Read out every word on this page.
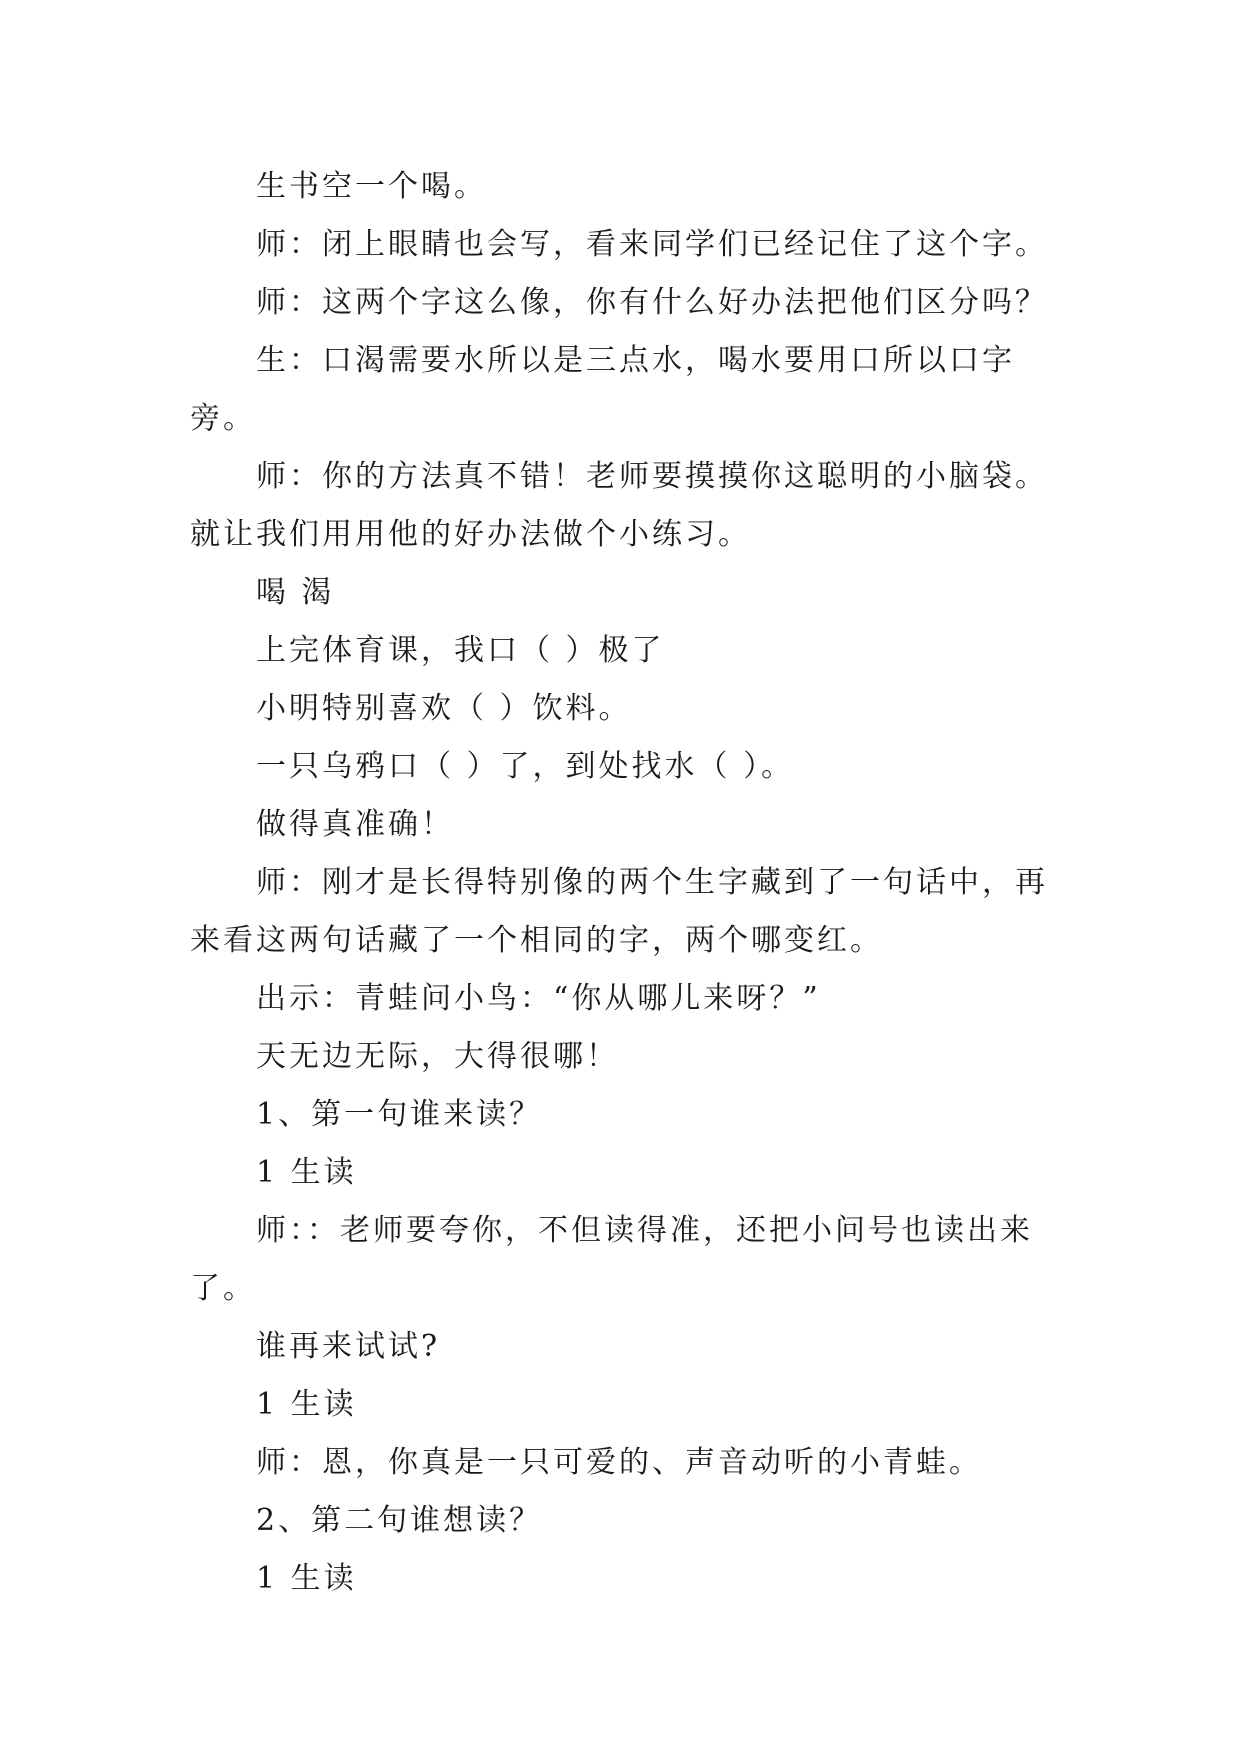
生书空一个喝。

师：闭上眼睛也会写，看来同学们已经记住了这个字。

师：这两个字这么像，你有什么好办法把他们区分吗？

生：口渴需要水所以是三点水，喝水要用口所以口字旁。

师：你的方法真不错！老师要摸摸你这聪明的小脑袋。就让我们用用他的好办法做个小练习。

喝 渴

上完体育课，我口（ ）极了

小明特别喜欢（ ）饮料。

一只乌鸦口（ ）了，到处找水（ ）。

做得真准确！

师：刚才是长得特别像的两个生字藏到了一句话中，再来看这两句话藏了一个相同的字，两个哪变红。

出示：青蛙问小鸟：“你从哪儿来呀？”

天无边无际，大得很哪！

1、第一句谁来读？

1 生读

师：：老师要夸你，不但读得准，还把小问号也读出来了。

谁再来试试?

1 生读

师：恩，你真是一只可爱的、声音动听的小青蛙。

2、第二句谁想读？

1 生读
